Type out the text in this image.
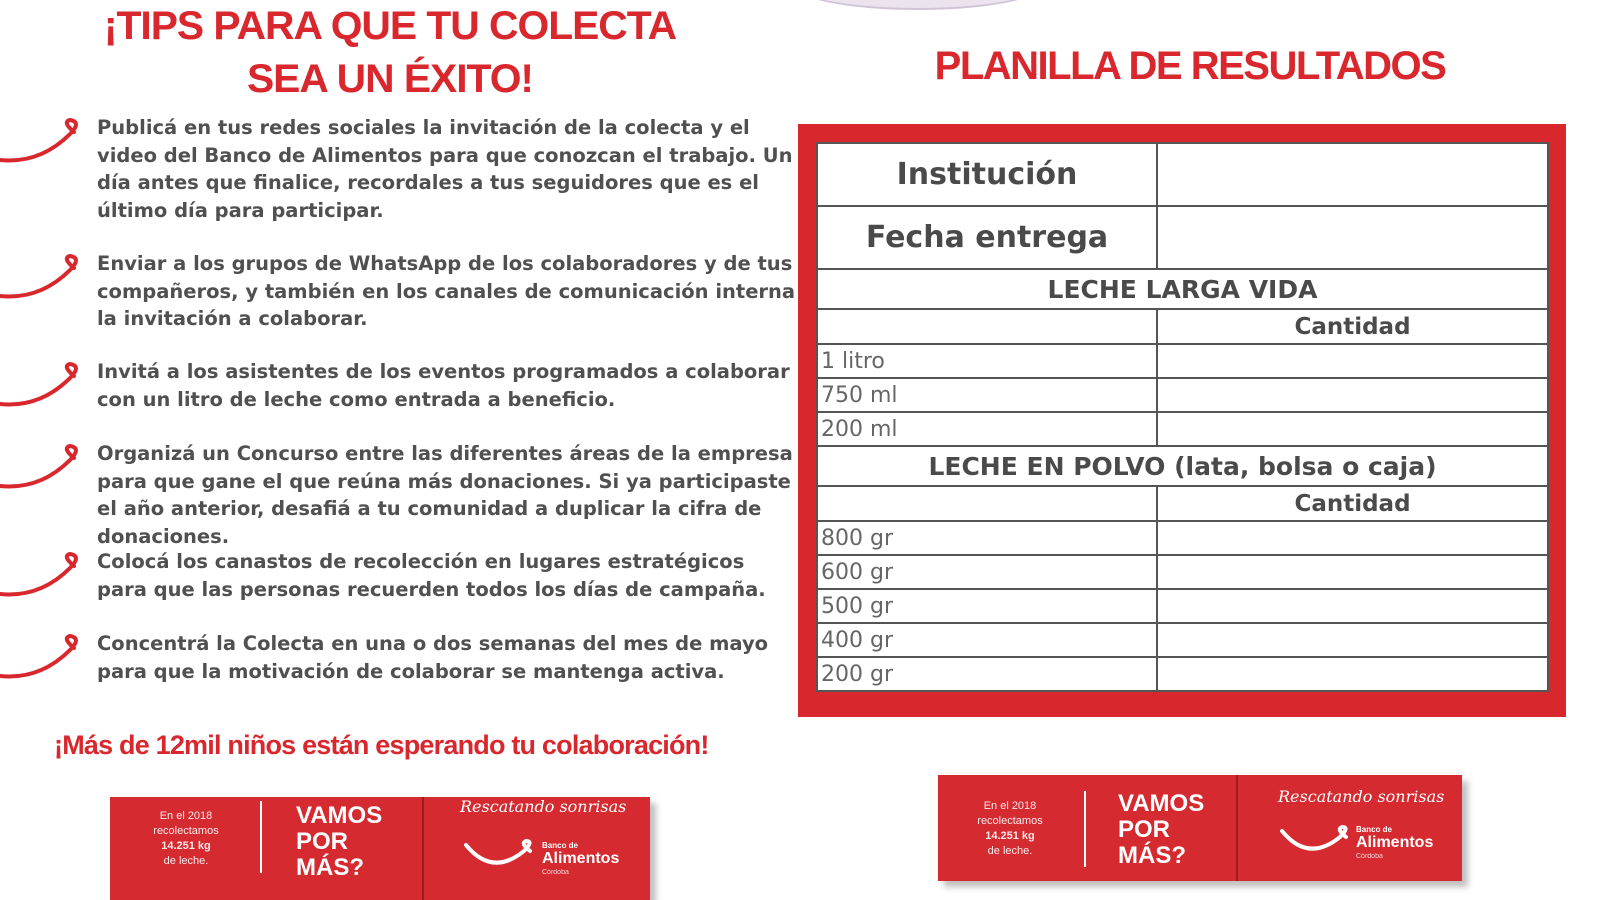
¡TIPS PARA QUE TU COLECTA
SEA UN ÉXITO!
Publicá en tus redes sociales la invitación de la colecta y el video del Banco de Alimentos para que conozcan el trabajo. Un día antes que finalice, recordales a tus seguidores que es el último día para participar.
Enviar a los grupos de WhatsApp de los colaboradores y de tus compañeros, y también en los canales de comunicación interna la invitación a colaborar.
Invitá a los asistentes de los eventos programados a colaborar con un litro de leche como entrada a beneficio.
Organizá un Concurso entre las diferentes áreas de la empresa para que gane el que reúna más donaciones. Si ya participaste el año anterior, desafiá a tu comunidad a duplicar la cifra de donaciones.
Colocá los canastos de recolección en lugares estratégicos para que las personas recuerden todos los días de campaña.
Concentrá la Colecta en una o dos semanas del mes de mayo para que la motivación de colaborar se mantenga activa.
¡Más de 12mil niños están esperando tu colaboración!
En el 2018
recolectamos
14.251 kg
de leche.
VAMOS
POR
MÁS?
Rescatando sonrisas
Banco de
Alimentos
Córdoba
PLANILLA DE RESULTADOS
Institución	
Fecha entrega	
LECHE LARGA VIDA	
	Cantidad
1 litro	
750 ml	
200 ml	
LECHE EN POLVO (lata, bolsa o caja)	
	Cantidad
800 gr	
600 gr	
500 gr	
400 gr	
200 gr	
En el 2018
recolectamos
14.251 kg
de leche.
VAMOS
POR
MÁS?
Rescatando sonrisas
Banco de
Alimentos
Córdoba
